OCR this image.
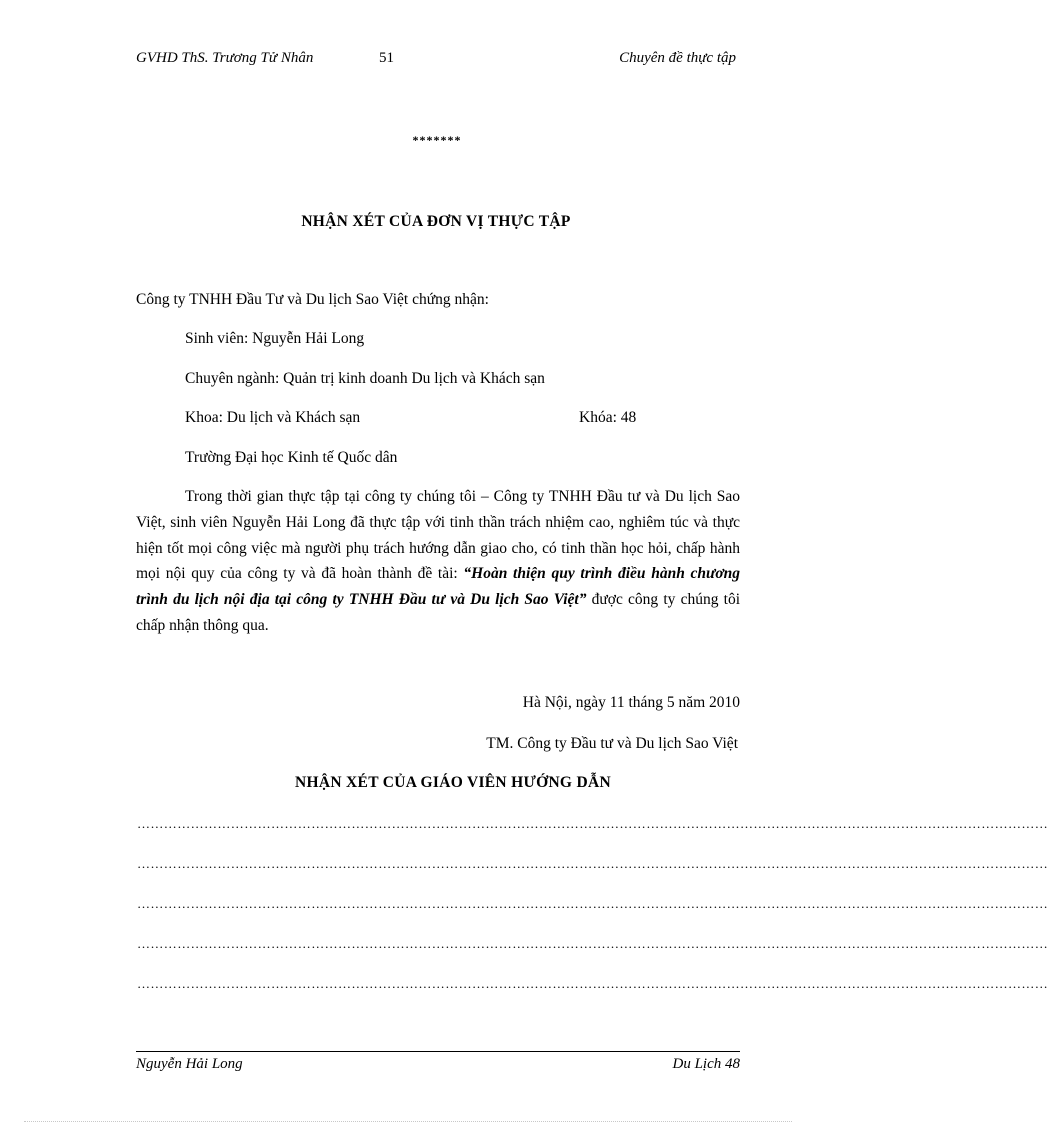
GVHD ThS. Trương Tử Nhân	51	Chuyên đề thực tập
*******
NHẬN XÉT CỦA ĐƠN VỊ THỰC TẬP
Công ty TNHH Đầu Tư và Du lịch Sao Việt chứng nhận:
Sinh viên: Nguyễn Hải Long
Chuyên ngành: Quản trị kinh doanh Du lịch và Khách sạn
Khoa: Du lịch và Khách sạn	Khóa: 48
Trường Đại học Kinh tế Quốc dân
Trong thời gian thực tập tại công ty chúng tôi – Công ty TNHH Đầu tư và Du lịch Sao Việt, sinh viên Nguyễn Hải Long đã thực tập với tinh thần trách nhiệm cao, nghiêm túc và thực hiện tốt mọi công việc mà người phụ trách hướng dẫn giao cho, có tinh thần học hỏi, chấp hành mọi nội quy của công ty và đã hoàn thành đề tài: “Hoàn thiện quy trình điều hành chương trình du lịch nội địa tại công ty TNHH Đầu tư và Du lịch Sao Việt” được công ty chúng tôi chấp nhận thông qua.
Hà Nội, ngày 11 tháng 5 năm 2010
TM. Công ty Đầu tư và Du lịch Sao Việt
NHẬN XÉT CỦA GIÁO VIÊN HƯỚNG DẪN
……………………………………………………………………………………………………………………………………………………………………………………
……………………………………………………………………………………………………………………………………………………………………………………
……………………………………………………………………………………………………………………………………………………………………………………
……………………………………………………………………………………………………………………………………………………………………………………
……………………………………………………………………………………………………………………………………………………………………………………
Nguyễn Hải Long	Du Lịch 48
